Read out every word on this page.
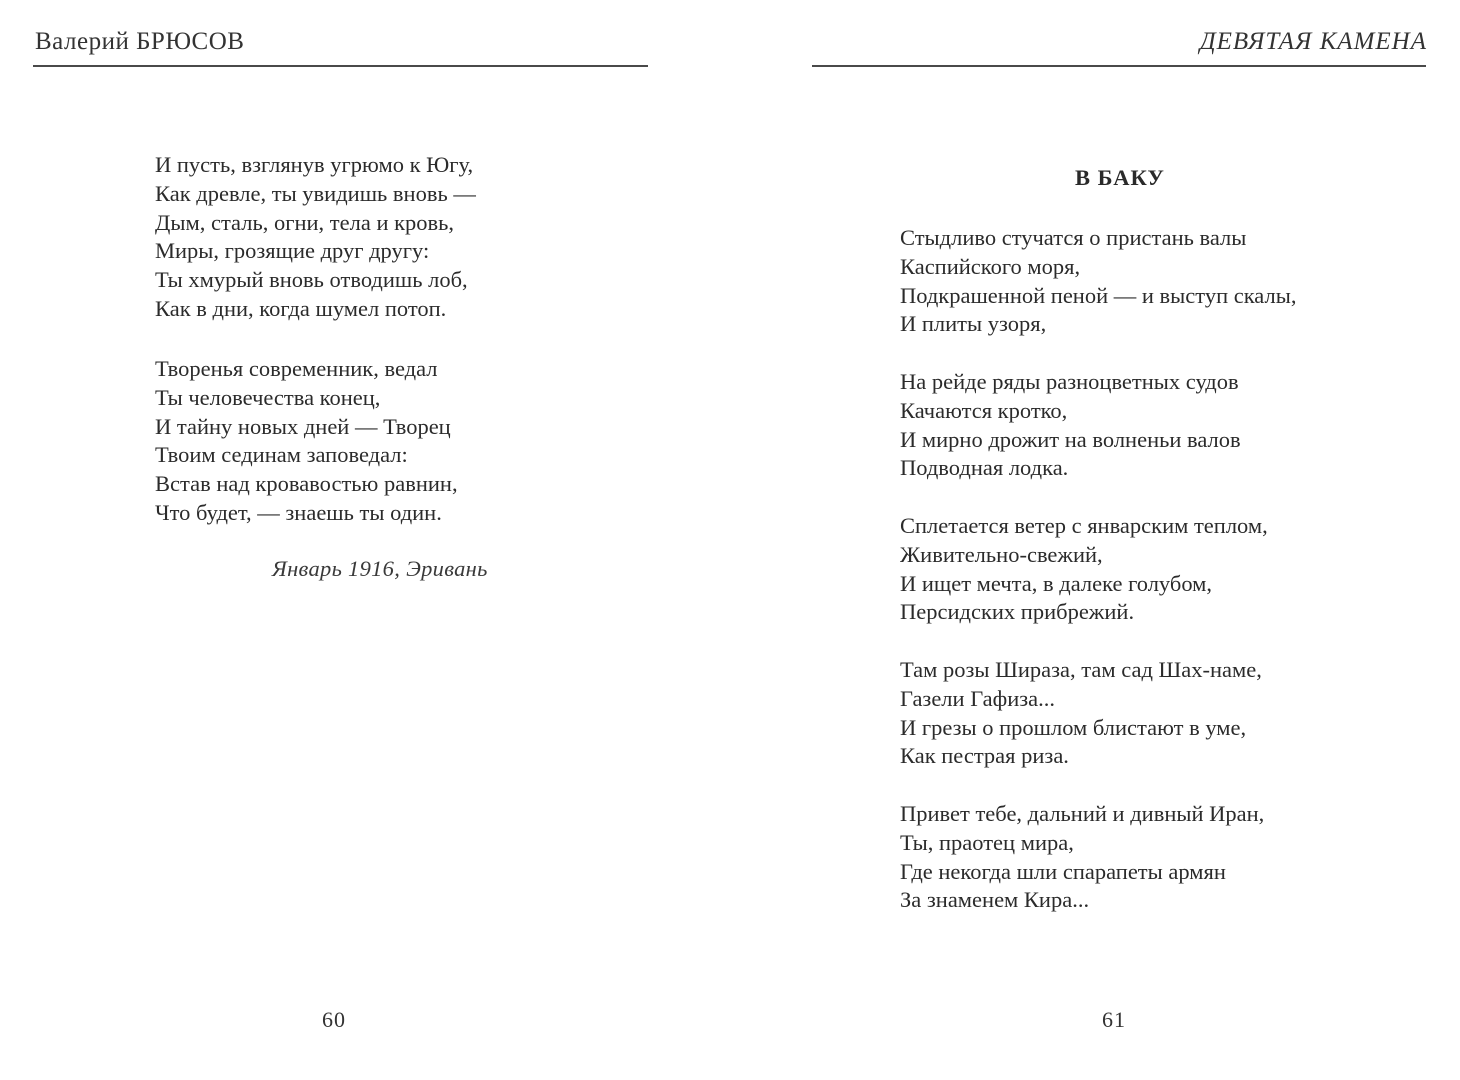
Валерий БРЮСОВ
И пусть, взглянув угрюмо к Югу,
Как древле, ты увидишь вновь —
Дым, сталь, огни, тела и кровь,
Миры, грозящие друг другу:
Ты хмурый вновь отводишь лоб,
Как в дни, когда шумел потоп.
Творенья современник, ведал
Ты человечества конец,
И тайну новых дней — Творец
Твоим сединам заповедал:
Встав над кровавостью равнин,
Что будет, — знаешь ты один.
Январь 1916, Эривань
60
ДЕВЯТАЯ КАМЕНА
В БАКУ
Стыдливо стучатся о пристань валы
Каспийского моря,
Подкрашенной пеной — и выступ скалы,
И плиты узоря,
На рейде ряды разноцветных судов
Качаются кротко,
И мирно дрожит на волненьи валов
Подводная лодка.
Сплетается ветер с январским теплом,
Живительно-свежий,
И ищет мечта, в далеке голубом,
Персидских прибрежий.
Там розы Шираза, там сад Шах-наме,
Газели Гафиза...
И грезы о прошлом блистают в уме,
Как пестрая риза.
Привет тебе, дальний и дивный Иран,
Ты, праотец мира,
Где некогда шли спарапеты армян
За знаменем Кира...
61
